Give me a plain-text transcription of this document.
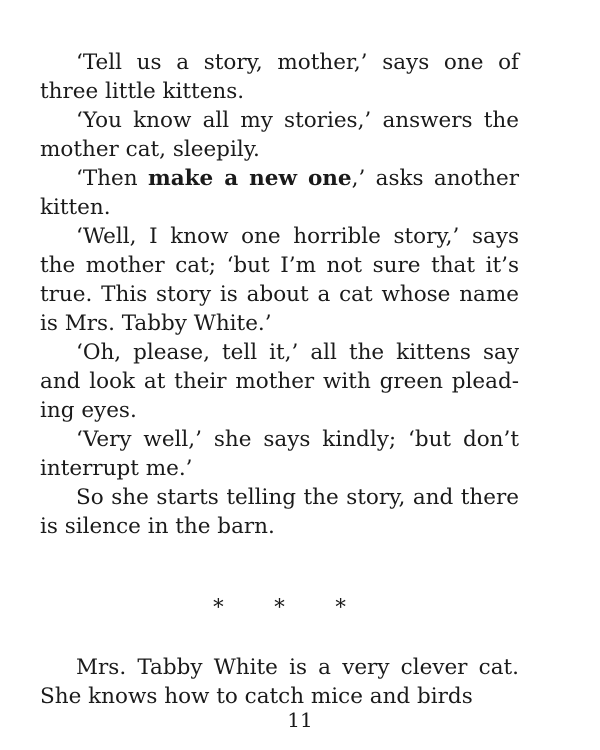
‘Tell us a story, mother,’ says one of three little kittens.

‘You know all my stories,’ answers the mother cat, sleepily.

‘Then make a new one,’ asks another kitten.

‘Well, I know one horrible story,’ says the mother cat; ‘but I’m not sure that it’s true. This story is about a cat whose name is Mrs. Tabby White.’

‘Oh, please, tell it,’ all the kittens say and look at their mother with green pleading eyes.

‘Very well,’ she says kindly; ‘but don’t interrupt me.’

So she starts telling the story, and there is silence in the barn.

* * *

Mrs. Tabby White is a very clever cat. She knows how to catch mice and birds

11
